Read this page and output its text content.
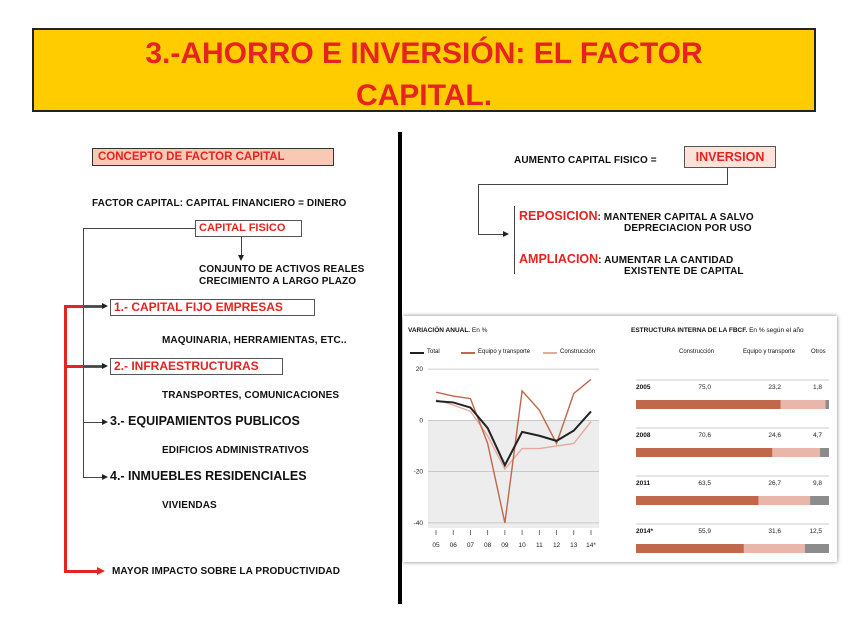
3.-AHORRO E INVERSIÓN: EL FACTOR
CAPITAL.
CONCEPTO DE FACTOR CAPITAL
FACTOR CAPITAL: CAPITAL FINANCIERO = DINERO
CAPITAL FISICO
CONJUNTO DE ACTIVOS REALES
CRECIMIENTO A LARGO PLAZO
1.- CAPITAL FIJO EMPRESAS
MAQUINARIA, HERRAMIENTAS, ETC..
2.- INFRAESTRUCTURAS
TRANSPORTES, COMUNICACIONES
3.- EQUIPAMIENTOS PUBLICOS
EDIFICIOS ADMINISTRATIVOS
4.- INMUEBLES RESIDENCIALES
VIVIENDAS
MAYOR IMPACTO SOBRE LA PRODUCTIVIDAD
AUMENTO CAPITAL FISICO =	INVERSION
REPOSICION: MANTENER CAPITAL A SALVO
DEPRECIACION POR USO
AMPLIACION: AUMENTAR LA CANTIDAD
EXISTENTE DE CAPITAL
VARIACIÓN ANUAL. En %
Total	Equipo y transporte	Construcción
20
0
-20
-40
05 06 07 08 09 10 11 12 13 14*
ESTRUCTURA INTERNA DE LA FBCF. En % según el año
Construcción	Equipo y transporte	Otros
2005	75,0	23,2	1,8
2008	70,6	24,6	4,7
2011	63,5	26,7	9,8
2014*	55,9	31,6	12,5
